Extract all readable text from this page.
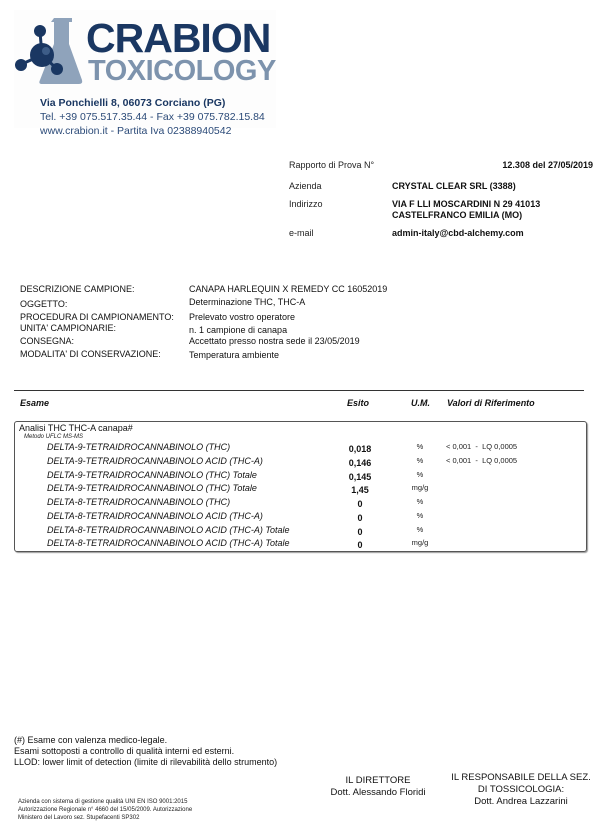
CRABION
TOXICOLOGY
Via Ponchielli 8, 06073 Corciano (PG)
Tel. +39 075.517.35.44 - Fax +39 075.782.15.84
www.crabion.it - Partita Iva 02388940542
Rapporto di Prova N°	12.308 del 27/05/2019
Azienda	CRYSTAL CLEAR SRL (3388)
Indirizzo	VIA F LLI MOSCARDINI N 29 41013
CASTELFRANCO EMILIA (MO)
e-mail	admin-italy@cbd-alchemy.com
DESCRIZIONE CAMPIONE:	CANAPA HARLEQUIN X REMEDY CC 16052019
OGGETTO:	Determinazione THC, THC-A
PROCEDURA DI CAMPIONAMENTO: Prelevato vostro operatore
UNITA' CAMPIONARIE:	n. 1 campione di canapa
CONSEGNA:	Accettato presso nostra sede il 23/05/2019
MODALITA' DI CONSERVAZIONE:	Temperatura ambiente
Esame	Esito	U.M. Valori di Riferimento
Analisi THC THC-A canapa#
Metodo UFLC MS-MS
DELTA-9-TETRAIDROCANNABINOLO (THC)	0,018	%	< 0,001  -  LQ 0,0005
DELTA-9-TETRAIDROCANNABINOLO ACID (THC-A)	0,146	%	< 0,001  -  LQ 0,0005
DELTA-9-TETRAIDROCANNABINOLO (THC) Totale	0,145	%
DELTA-9-TETRAIDROCANNABINOLO (THC) Totale	1,45	mg/g
DELTA-8-TETRAIDROCANNABINOLO (THC)	0	%
DELTA-8-TETRAIDROCANNABINOLO ACID (THC-A)	0	%
DELTA-8-TETRAIDROCANNABINOLO ACID (THC-A) Totale	0	%
DELTA-8-TETRAIDROCANNABINOLO ACID (THC-A) Totale	0	mg/g
(#) Esame con valenza medico-legale.
Esami sottoposti a controllo di qualità interni ed esterni.
LLOD: lower limit of detection (limite di rilevabilità dello strumento)
Azienda con sistema di gestione qualità UNI EN ISO 9001:2015
Autorizzazione Regionale n° 4660 del 15/05/2009. Autorizzazione
Ministero del Lavoro sez. Stupefacenti SP302
IL DIRETTORE
Dott. Alessando Floridi
IL RESPONSABILE DELLA SEZ.
DI TOSSICOLOGIA:
Dott. Andrea Lazzarini
